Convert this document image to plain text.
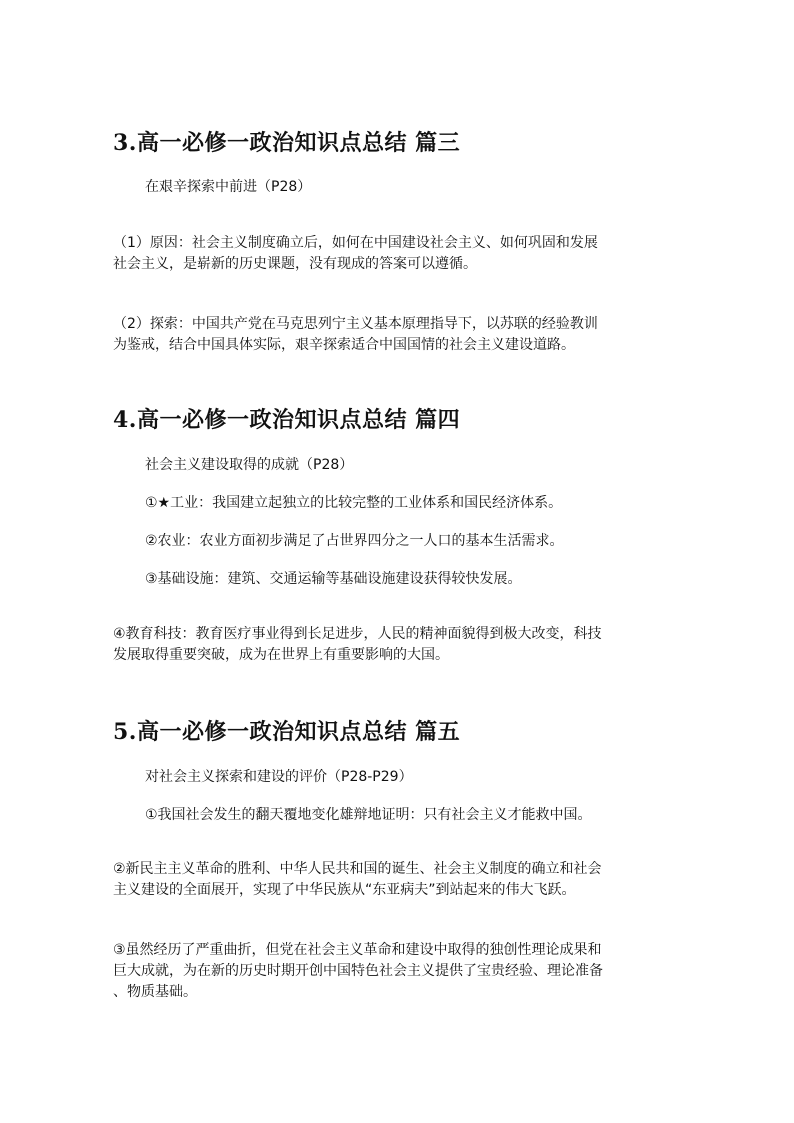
3.高一必修一政治知识点总结 篇三
在艰辛探索中前进（P28）
（1）原因：社会主义制度确立后，如何在中国建设社会主义、如何巩固和发展
社会主义，是崭新的历史课题，没有现成的答案可以遵循。
（2）探索：中国共产党在马克思列宁主义基本原理指导下，以苏联的经验教训
为鉴戒，结合中国具体实际，艰辛探索适合中国国情的社会主义建设道路。
4.高一必修一政治知识点总结 篇四
社会主义建设取得的成就（P28）
①★工业：我国建立起独立的比较完整的工业体系和国民经济体系。
②农业：农业方面初步满足了占世界四分之一人口的基本生活需求。
③基础设施：建筑、交通运输等基础设施建设获得较快发展。
④教育科技：教育医疗事业得到长足进步，人民的精神面貌得到极大改变，科技
发展取得重要突破，成为在世界上有重要影响的大国。
5.高一必修一政治知识点总结 篇五
对社会主义探索和建设的评价（P28-P29）
①我国社会发生的翻天覆地变化雄辩地证明：只有社会主义才能救中国。
②新民主主义革命的胜利、中华人民共和国的诞生、社会主义制度的确立和社会
主义建设的全面展开，实现了中华民族从“东亚病夫”到站起来的伟大飞跃。
③虽然经历了严重曲折，但党在社会主义革命和建设中取得的独创性理论成果和
巨大成就，为在新的历史时期开创中国特色社会主义提供了宝贵经验、理论准备
、物质基础。
